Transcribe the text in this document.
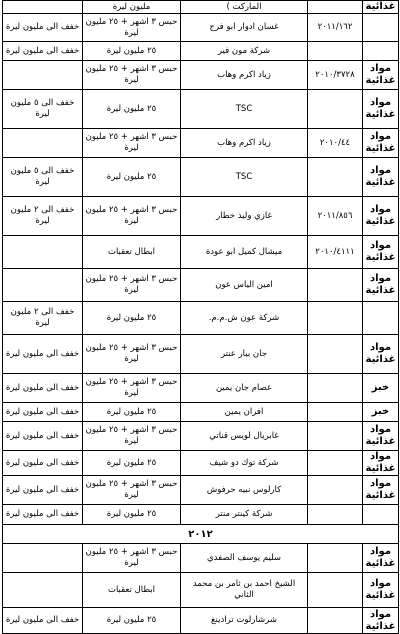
غذائية		الماركت )	مليون ليرة	
	٢٠١١/١٦٢	غسان ادوار ابو فرج	حبس ٣ اشهر + ٢٥ مليون ليرة	خفف الى مليون ليرة
		شركة مون فير	٢٥ مليون ليرة	خفف الى مليون ليرة
مواد غذائية	٢٠١٠/٣٧٢٨	زياد اكرم وهاب	حبس ٣ اشهر + ٢٥ مليون ليرة	
مواد غذائية		TSC	٢٥ مليون ليرة	خفف الى ٥ مليون ليرة
مواد غذائية	٢٠١٠/٤٤	زياد اكرم وهاب	حبس ٣ اشهر + ٢٥ مليون ليرة	
مواد غذائية		TSC	٢٥ مليون ليرة	خفف الى ٥ مليون ليرة
مواد غذائية	٢٠١١/٨٥٦	غازي وليد خطار	حبس ٣ اشهر + ٢٥ مليون ليرة	خفف الى ٢ مليون ليرة
مواد غذائية	٢٠١٠/٤١١١	ميشال كميل ابو عودة	ابطال تعقبات	
مواد غذائية		امين الياس عون	حبس ٣ اشهر + ٢٥ مليون ليرة	
		شركة عون ش.م.م.	٢٥ مليون ليرة	خفف الى ٢ مليون ليرة
مواد غذائية		جان بيار عنتر	حبس ٣ اشهر + ٢٥ مليون ليرة	خفف الى مليون ليرة
خبز		عصام جان يمين	حبس ٣ اشهر + ٢٥ مليون ليرة	خفف الى مليون ليرة
خبز		افران يمين	٢٥ مليون ليرة	خفف الى مليون ليرة
مواد غذائية		غابريال لويس قناتي	حبس ٣ اشهر + ٢٥ مليون ليرة	خفف الى مليون ليرة
مواد غذائية		شركة توك دو شيف	٢٥ مليون ليرة	خفف الى مليون ليرة
مواد غذائية		كارلوس نبيه حرفوش	حبس ٣ اشهر + ٢٥ مليون ليرة	خفف الى مليون ليرة
		شركة كينتر منتر	٢٥ مليون ليرة	خفف الى مليون ليرة
٢٠١٢				
مواد غذائية		سليم يوسف الصفدي	حبس ٣ اشهر + ٢٥ مليون ليرة	
مواد غذائية		الشيخ احمد بن ثامر بن محمد الثاني	ابطال تعقبات	
مواد غذائية		شرشارلوت ترادينغ	٢٥ مليون ليرة	خفف الى مليون ليرة
